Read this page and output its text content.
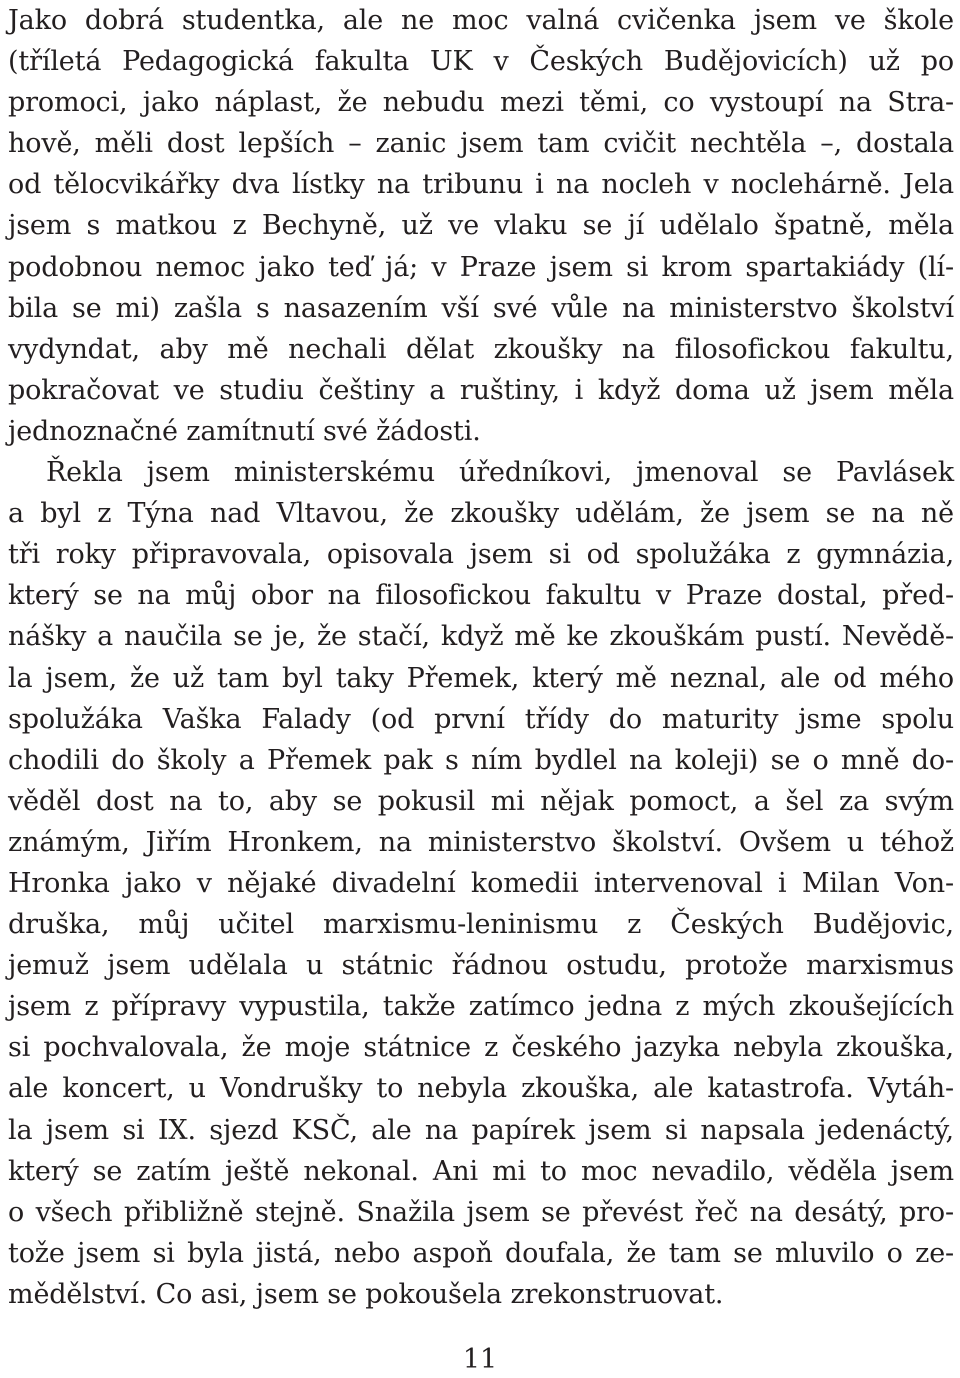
Jako dobrá studentka, ale ne moc valná cvičenka jsem ve škole
(tříletá Pedagogická fakulta UK v Českých Budějovicích) už po
promoci, jako náplast, že nebudu mezi těmi, co vystoupí na Stra-
hově, měli dost lepších – zanic jsem tam cvičit nechtěla –, dostala
od tělocvikářky dva lístky na tribunu i na nocleh v noclehárně. Jela
jsem s matkou z Bechyně, už ve vlaku se jí udělalo špatně, měla
podobnou nemoc jako teď já; v Praze jsem si krom spartakiády (lí-
bila se mi) zašla s nasazením vší své vůle na ministerstvo školství
vydyndat, aby mě nechali dělat zkoušky na filosofickou fakultu,
pokračovat ve studiu češtiny a ruštiny, i když doma už jsem měla
jednoznačné zamítnutí své žádosti.
Řekla jsem ministerskému úředníkovi, jmenoval se Pavlásek
a byl z Týna nad Vltavou, že zkoušky udělám, že jsem se na ně
tři roky připravovala, opisovala jsem si od spolužáka z gymnázia,
který se na můj obor na filosofickou fakultu v Praze dostal, před-
nášky a naučila se je, že stačí, když mě ke zkouškám pustí. Nevědě-
la jsem, že už tam byl taky Přemek, který mě neznal, ale od mého
spolužáka Vaška Falady (od první třídy do maturity jsme spolu
chodili do školy a Přemek pak s ním bydlel na koleji) se o mně do-
věděl dost na to, aby se pokusil mi nějak pomoct, a šel za svým
známým, Jiřím Hronkem, na ministerstvo školství. Ovšem u téhož
Hronka jako v nějaké divadelní komedii intervenoval i Milan Von-
druška, můj učitel marxismu-leninismu z Českých Budějovic,
jemuž jsem udělala u státnic řádnou ostudu, protože marxismus
jsem z přípravy vypustila, takže zatímco jedna z mých zkoušejících
si pochvalovala, že moje státnice z českého jazyka nebyla zkouška,
ale koncert, u Vondrušky to nebyla zkouška, ale katastrofa. Vytáh-
la jsem si IX. sjezd KSČ, ale na papírek jsem si napsala jedenáctý,
který se zatím ještě nekonal. Ani mi to moc nevadilo, věděla jsem
o všech přibližně stejně. Snažila jsem se převést řeč na desátý, pro-
tože jsem si byla jistá, nebo aspoň doufala, že tam se mluvilo o ze-
mědělství. Co asi, jsem se pokoušela zrekonstruovat.
11
